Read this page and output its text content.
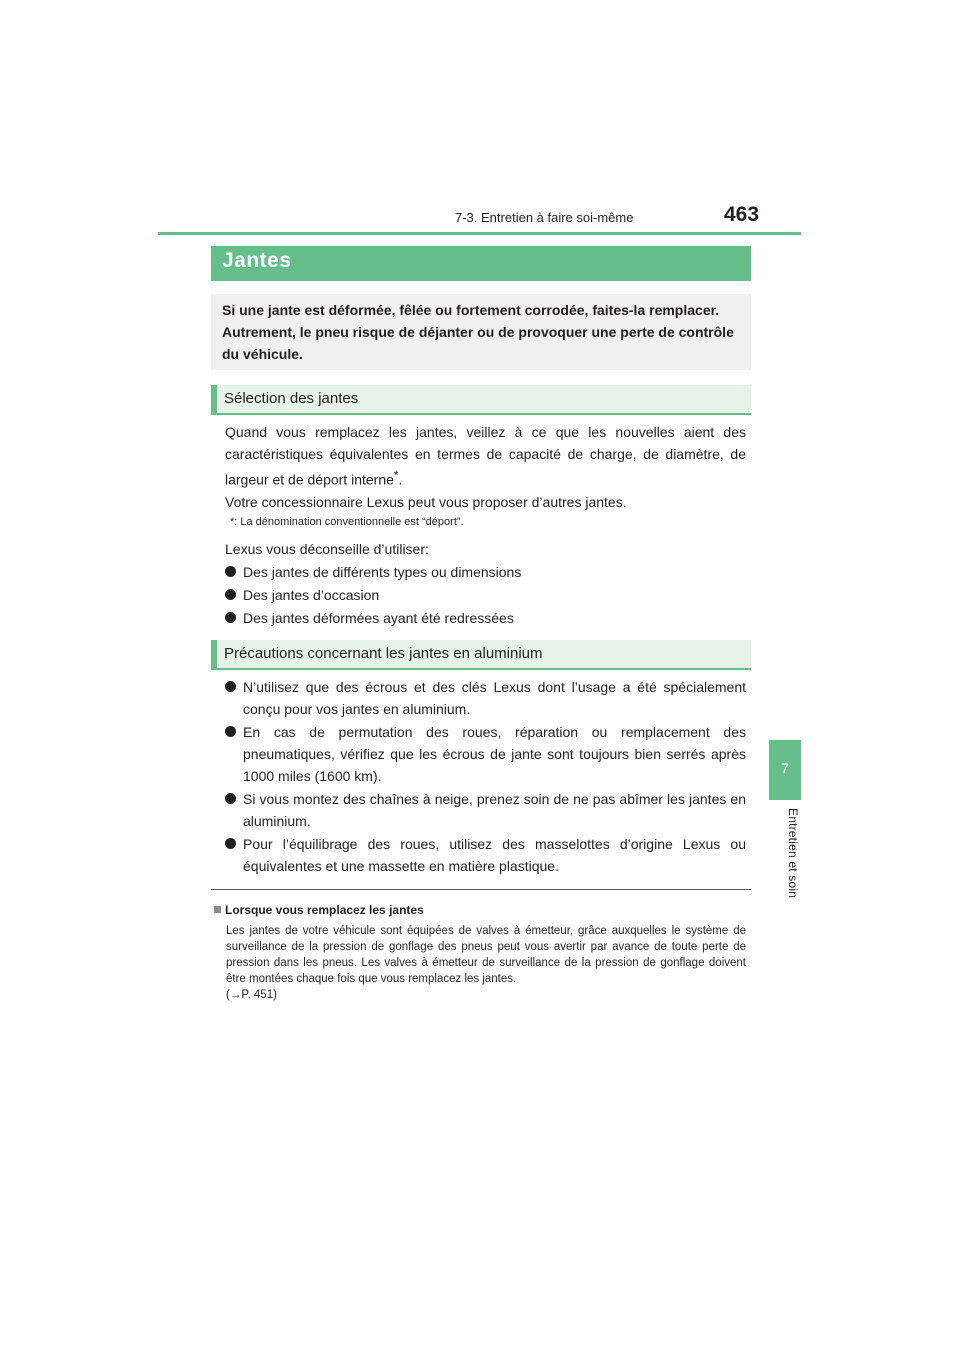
7-3. Entretien à faire soi-même	463
7
Entretien et soin
Jantes
Si une jante est déformée, fêlée ou fortement corrodée, faites-la remplacer. Autrement, le pneu risque de déjanter ou de provoquer une perte de contrôle du véhicule.
Sélection des jantes

Quand vous remplacez les jantes, veillez à ce que les nouvelles aient des caractéristiques équivalentes en termes de capacité de charge, de diamètre, de largeur et de déport interne*.

Votre concessionnaire Lexus peut vous proposer d’autres jantes.

*: La dénomination conventionnelle est “déport”.
Lexus vous déconseille d’utiliser:
Des jantes de différents types ou dimensions
Des jantes d’occasion
Des jantes déformées ayant été redressées
Précautions concernant les jantes en aluminium
N’utilisez que des écrous et des clés Lexus dont l’usage a été spécialement conçu pour vos jantes en aluminium.
En cas de permutation des roues, réparation ou remplacement des pneumatiques, vérifiez que les écrous de jante sont toujours bien serrés après 1000 miles (1600 km).
Si vous montez des chaînes à neige, prenez soin de ne pas abîmer les jantes en aluminium.
Pour l’équilibrage des roues, utilisez des masselottes d’origine Lexus ou équivalentes et une massette en matière plastique.
Lorsque vous remplacez les jantes
Les jantes de votre véhicule sont équipées de valves à émetteur, grâce auxquelles le système de surveillance de la pression de gonflage des pneus peut vous avertir par avance de toute perte de pression dans les pneus. Les valves à émetteur de surveillance de la pression de gonflage doivent être montées chaque fois que vous remplacez les jantes.
(→P. 451)
